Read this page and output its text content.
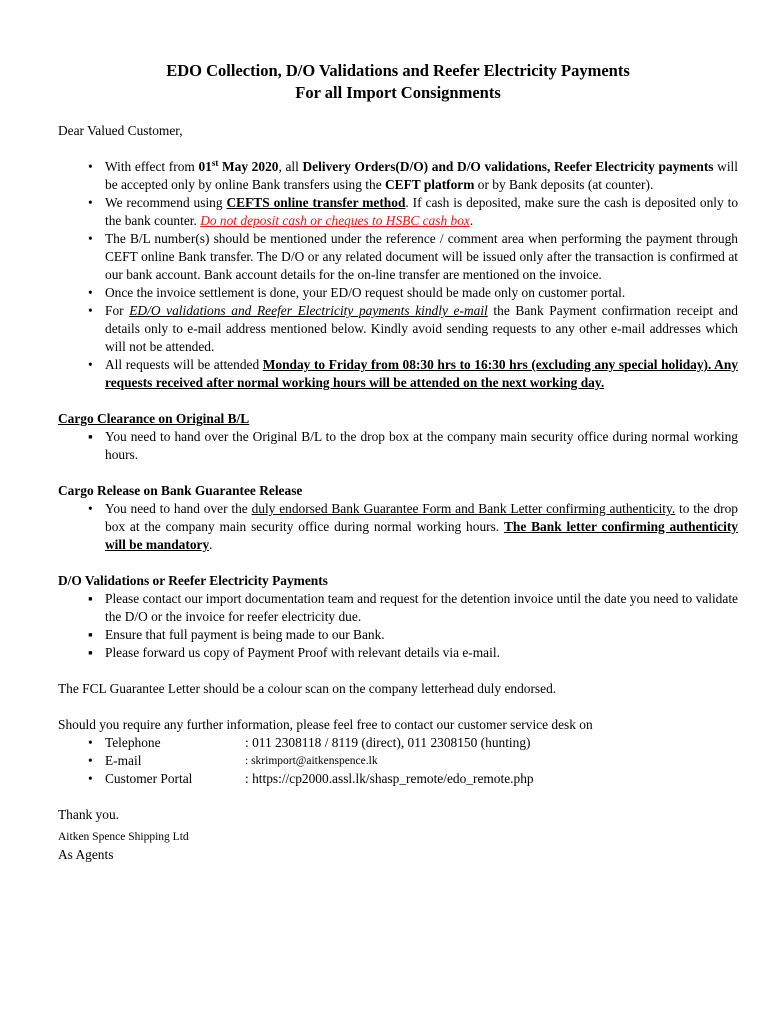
EDO Collection, D/O Validations and Reefer Electricity Payments
For all Import Consignments

Dear Valued Customer,

•
With effect from 01st May 2020, all Delivery Orders(D/O) and D/O validations, Reefer Electricity payments will be accepted only by online Bank transfers using the CEFT platform or by Bank deposits (at counter).
•
We recommend using CEFTS online transfer method. If cash is deposited, make sure the cash is deposited only to the bank counter. Do not deposit cash or cheques to HSBC cash box.
•
The B/L number(s) should be mentioned under the reference / comment area when performing the payment through CEFT online Bank transfer. The D/O or any related document will be issued only after the transaction is confirmed at our bank account. Bank account details for the on-line transfer are mentioned on the invoice.
•
Once the invoice settlement is done, your ED/O request should be made only on customer portal.
•
For ED/O validations and Reefer Electricity payments kindly e-mail the Bank Payment confirmation receipt and details only to e-mail address mentioned below. Kindly avoid sending requests to any other e-mail addresses which will not be attended.
•
All requests will be attended Monday to Friday from 08:30 hrs to 16:30 hrs (excluding any special holiday). Any requests received after normal working hours will be attended on the next working day.

Cargo Clearance on Original B/L

▪
You need to hand over the Original B/L to the drop box at the company main security office during normal working hours.

Cargo Release on Bank Guarantee Release

•
You need to hand over the duly endorsed Bank Guarantee Form and Bank Letter confirming authenticity. to the drop box at the company main security office during normal working hours. The Bank letter confirming authenticity will be mandatory.

D/O Validations or Reefer Electricity Payments

▪
Please contact our import documentation team and request for the detention invoice until the date you need to validate the D/O or the invoice for reefer electricity due.
▪
Ensure that full payment is being made to our Bank.
▪
Please forward us copy of Payment Proof with relevant details via e-mail.

The FCL Guarantee Letter should be a colour scan on the company letterhead duly endorsed.

Should you require any further information, please feel free to contact our customer service desk on

• Telephone	: 011 2308118 / 8119 (direct), 011 2308150 (hunting)
• E-mail	: skrimport@aitkenspence.lk
• Customer Portal	: https://cp2000.assl.lk/shasp_remote/edo_remote.php

Thank you.

Aitken Spence Shipping Ltd

As Agents
